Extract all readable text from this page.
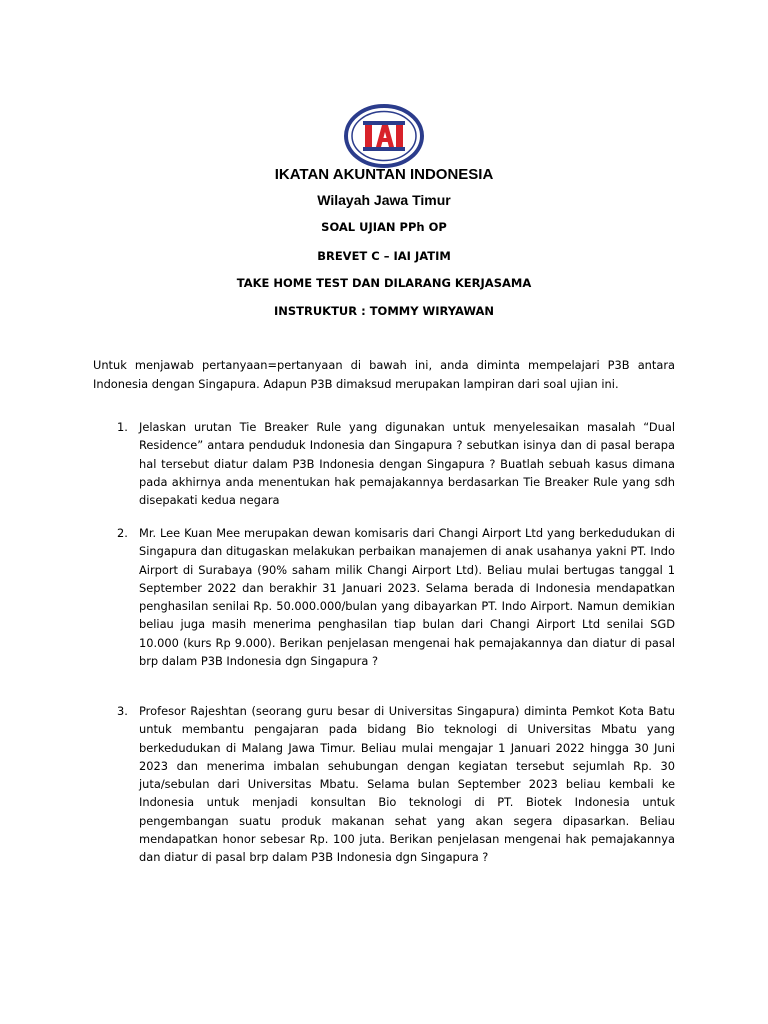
IKATAN AKUNTAN INDONESIA
Wilayah Jawa Timur
SOAL UJIAN PPh OP
BREVET C – IAI JATIM
TAKE HOME TEST DAN DILARANG KERJASAMA
INSTRUKTUR : TOMMY WIRYAWAN

Untuk menjawab pertanyaan=pertanyaan di bawah ini, anda diminta mempelajari P3B antara Indonesia dengan Singapura. Adapun P3B dimaksud merupakan lampiran dari soal ujian ini.

1. Jelaskan urutan Tie Breaker Rule yang digunakan untuk menyelesaikan masalah “Dual Residence” antara penduduk Indonesia dan Singapura ? sebutkan isinya dan di pasal berapa hal tersebut diatur dalam P3B Indonesia dengan Singapura ? Buatlah sebuah kasus dimana pada akhirnya anda menentukan hak pemajakannya berdasarkan Tie Breaker Rule yang sdh disepakati kedua negara
2. Mr. Lee Kuan Mee merupakan dewan komisaris dari Changi Airport Ltd yang berkedudukan di Singapura dan ditugaskan melakukan perbaikan manajemen di anak usahanya yakni PT. Indo Airport di Surabaya (90% saham milik Changi Airport Ltd). Beliau mulai bertugas tanggal 1 September 2022 dan berakhir 31 Januari 2023. Selama berada di Indonesia mendapatkan penghasilan senilai Rp. 50.000.000/bulan yang dibayarkan PT. Indo Airport. Namun demikian beliau juga masih menerima penghasilan tiap bulan dari Changi Airport Ltd senilai SGD 10.000 (kurs Rp 9.000). Berikan penjelasan mengenai hak pemajakannya dan diatur di pasal brp dalam P3B Indonesia dgn Singapura ?
3. Profesor Rajeshtan (seorang guru besar di Universitas Singapura) diminta Pemkot Kota Batu untuk membantu pengajaran pada bidang Bio teknologi di Universitas Mbatu yang berkedudukan di Malang Jawa Timur. Beliau mulai mengajar 1 Januari 2022 hingga 30 Juni 2023 dan menerima imbalan sehubungan dengan kegiatan tersebut sejumlah Rp. 30 juta/sebulan dari Universitas Mbatu. Selama bulan September 2023 beliau kembali ke Indonesia untuk menjadi konsultan Bio teknologi di PT. Biotek Indonesia untuk pengembangan suatu produk makanan sehat yang akan segera dipasarkan. Beliau mendapatkan honor sebesar Rp. 100 juta. Berikan penjelasan mengenai hak pemajakannya dan diatur di pasal brp dalam P3B Indonesia dgn Singapura ?
